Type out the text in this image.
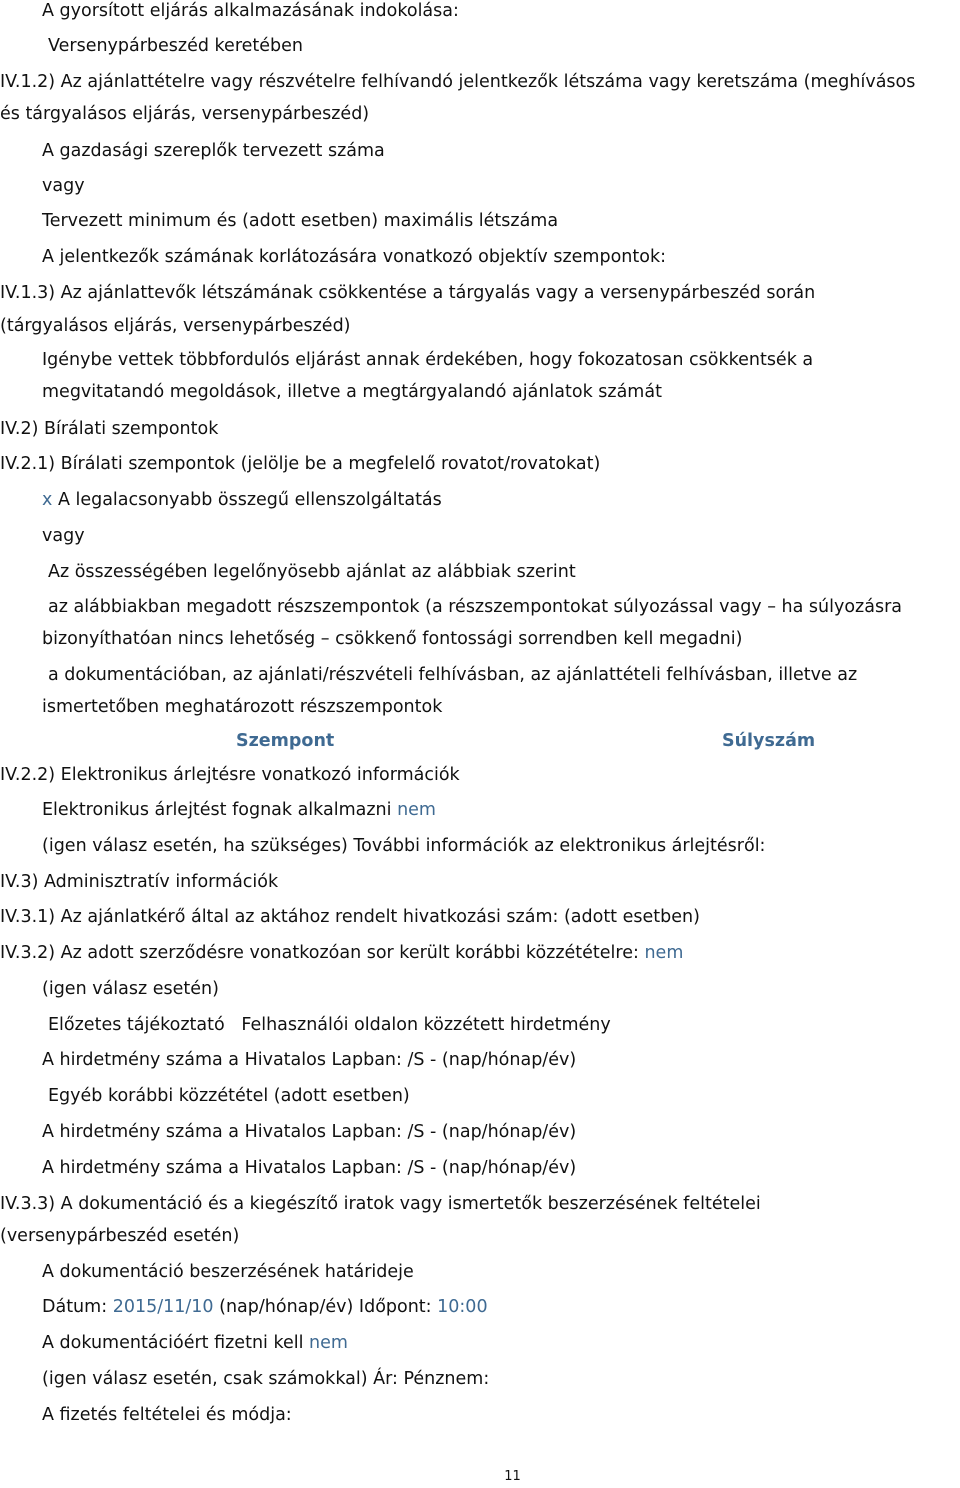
A gyorsított eljárás alkalmazásának indokolása:
Versenypárbeszéd keretében
IV.1.2) Az ajánlattételre vagy részvételre felhívandó jelentkezők létszáma vagy keretszáma (meghívásos
és tárgyalásos eljárás, versenypárbeszéd)
A gazdasági szereplők tervezett száma
vagy
Tervezett minimum és (adott esetben) maximális létszáma
A jelentkezők számának korlátozására vonatkozó objektív szempontok:
IV.1.3) Az ajánlattevők létszámának csökkentése a tárgyalás vagy a versenypárbeszéd során
(tárgyalásos eljárás, versenypárbeszéd)
Igénybe vettek többfordulós eljárást annak érdekében, hogy fokozatosan csökkentsék a
megvitatandó megoldások, illetve a megtárgyalandó ajánlatok számát
IV.2) Bírálati szempontok
IV.2.1) Bírálati szempontok (jelölje be a megfelelő rovatot/rovatokat)
x A legalacsonyabb összegű ellenszolgáltatás
vagy
Az összességében legelőnyösebb ajánlat az alábbiak szerint
az alábbiakban megadott részszempontok (a részszempontokat súlyozással vagy – ha súlyozásra
bizonyíthatóan nincs lehetőség – csökkenő fontossági sorrendben kell megadni)
a dokumentációban, az ajánlati/részvételi felhívásban, az ajánlattételi felhívásban, illetve az
ismertetőben meghatározott részszempontok
Szempont	Súlyszám
IV.2.2) Elektronikus árlejtésre vonatkozó információk
Elektronikus árlejtést fognak alkalmazni nem
(igen válasz esetén, ha szükséges) További információk az elektronikus árlejtésről:
IV.3) Adminisztratív információk
IV.3.1) Az ajánlatkérő által az aktához rendelt hivatkozási szám: (adott esetben)
IV.3.2) Az adott szerződésre vonatkozóan sor került korábbi közzétételre: nem
(igen válasz esetén)
Előzetes tájékoztató   Felhasználói oldalon közzétett hirdetmény
A hirdetmény száma a Hivatalos Lapban: /S - (nap/hónap/év)
Egyéb korábbi közzététel (adott esetben)
A hirdetmény száma a Hivatalos Lapban: /S - (nap/hónap/év)
A hirdetmény száma a Hivatalos Lapban: /S - (nap/hónap/év)
IV.3.3) A dokumentáció és a kiegészítő iratok vagy ismertetők beszerzésének feltételei
(versenypárbeszéd esetén)
A dokumentáció beszerzésének határideje
Dátum: 2015/11/10 (nap/hónap/év) Időpont: 10:00
A dokumentációért fizetni kell nem
(igen válasz esetén, csak számokkal) Ár: Pénznem:
A fizetés feltételei és módja:
11
